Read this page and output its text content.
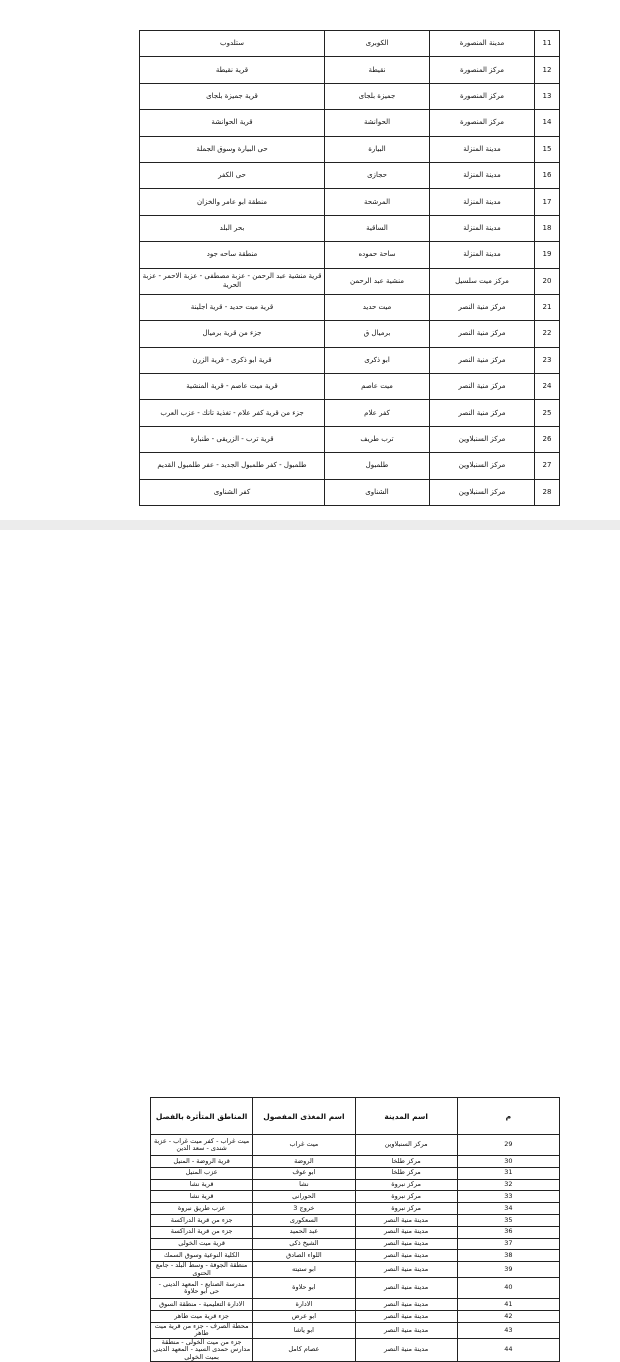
11	مدينة المنصورة	الكوبرى	ستلدوب
12	مركز المنصورة	نقيطة	قرية نقيطة
13	مركز المنصورة	جميزة بلجاى	قرية جميزة بلجاى
14	مركز المنصورة	الحوانشة	قرية الحوانشة
15	مدينة المنزلة	البيارة	حى البيارة وسوق الجملة
16	مدينة المنزلة	حجازى	حى الكفر
17	مدينة المنزلة	المرشحة	منطقة ابو عامر والخزان
18	مدينة المنزلة	الساقية	بحر البلد
19	مدينة المنزلة	ساحة حموده	منطقة ساحه جود
20	مركز ميت سلسيل	منشية عبد الرحمن	قرية منشية عبد الرحمن - عزبة مصطفى - عزبة الاحمر - عزبة الحرية
21	مركز منية النصر	ميت حديد	قرية ميت حديد - قرية اجلينة
22	مركز منية النصر	برميال ق	جزء من قرية برميال
23	مركز منية النصر	ابو ذكرى	قرية ابو ذكرى - قرية الزرن
24	مركز منية النصر	ميت عاصم	قرية ميت عاصم - قرية المنشية
25	مركز منية النصر	كفر علام	جزء من قرية كفر علام - تغذية تانك - عزب العرب
26	مركز السنبلاوين	ترب طريف	قرية ترب - الزريقى - طنبارة
27	مركز السنبلاوين	طلمبول	طلمبول - كفر طلمبول الجديد - عفر طلمبول القديم
28	مركز السنبلاوين	الشناوى	كفر الشناوى
م	اسم المدينة	اسم المغذى المفصول	المناطق المتأثرة بالفصل
29	مركز السنبلاوين	ميت غراب	ميت غراب - كفر ميت غراب - عزبة شندى - سعد الدين
30	مركز طلخا	الروضة	قرية الروضة - المنيل
31	مركز طلخا	ابو عوف	عزب المنيل
32	مركز نبروة	نشا	قرية نشا
33	مركز نبروة	الحورانى	قرية نشا
34	مركز نبروة	خروج 3	عزب طريق نبروة
35	مدينة منية النصر	السعكورى	جزء من قرية الدراكسة
36	مدينة منية النصر	عبد الحميد	جزء من قرية الدراكسة
37	مدينة منية النصر	الشيخ ذكى	قرية ميت الخولى
38	مدينة منية النصر	اللواء الصادق	الكلية النوعية وسوق السمك
39	مدينة منية النصر	ابو ستيته	منطقة الجوفة - وسط البلد - جامع الحتوى
40	مدينة منية النصر	ابو حلاوة	مدرسة الصنايع - المعهد الدينى - حى ابو حلاوة
41	مدينة منية النصر	الادارة	الادارة التعليمية - منطقة السوق
42	مدينة منية النصر	ابو عرض	جزء قرية ميت طاهر
43	مدينة منية النصر	ابو ياشا	محطة الصرف - جزء من قرية ميت طاهر
44	مدينة منية النصر	عصام كامل	جزء من ميت الخولى - منطقة مدارس حمدى السيد - المعهد الدينى بميت الخولى
